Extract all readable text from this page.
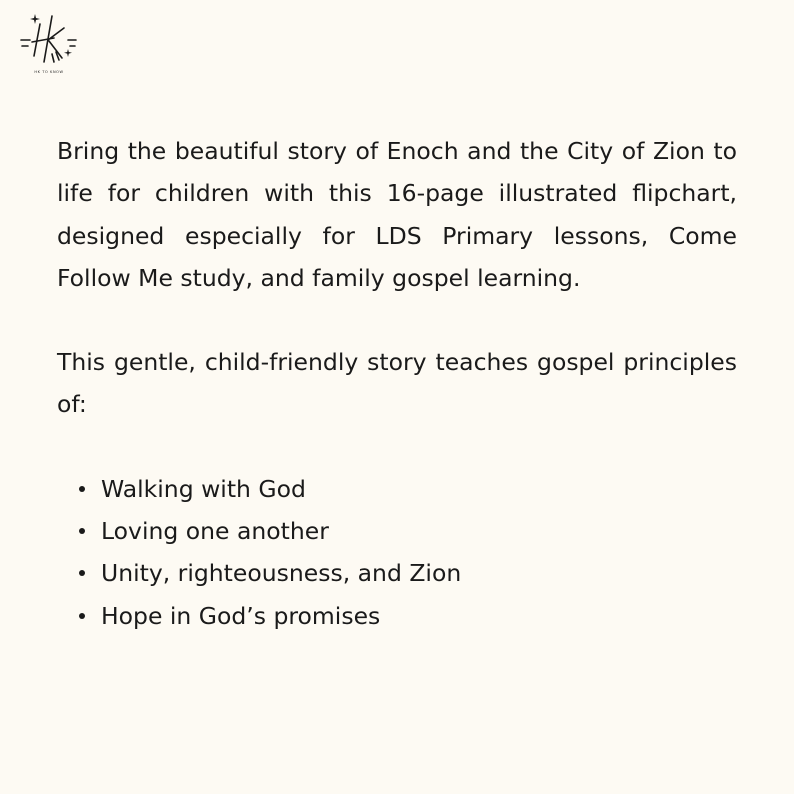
HK TO KNOW

Bring the beautiful story of Enoch and the City of Zion to life for children with this 16-page illustrated flipchart, designed especially for LDS Primary lessons, Come Follow Me study, and family gospel learning.

This gentle, child-friendly story teaches gospel principles of:

Walking with God
Loving one another
Unity, righteousness, and Zion
Hope in God’s promises
